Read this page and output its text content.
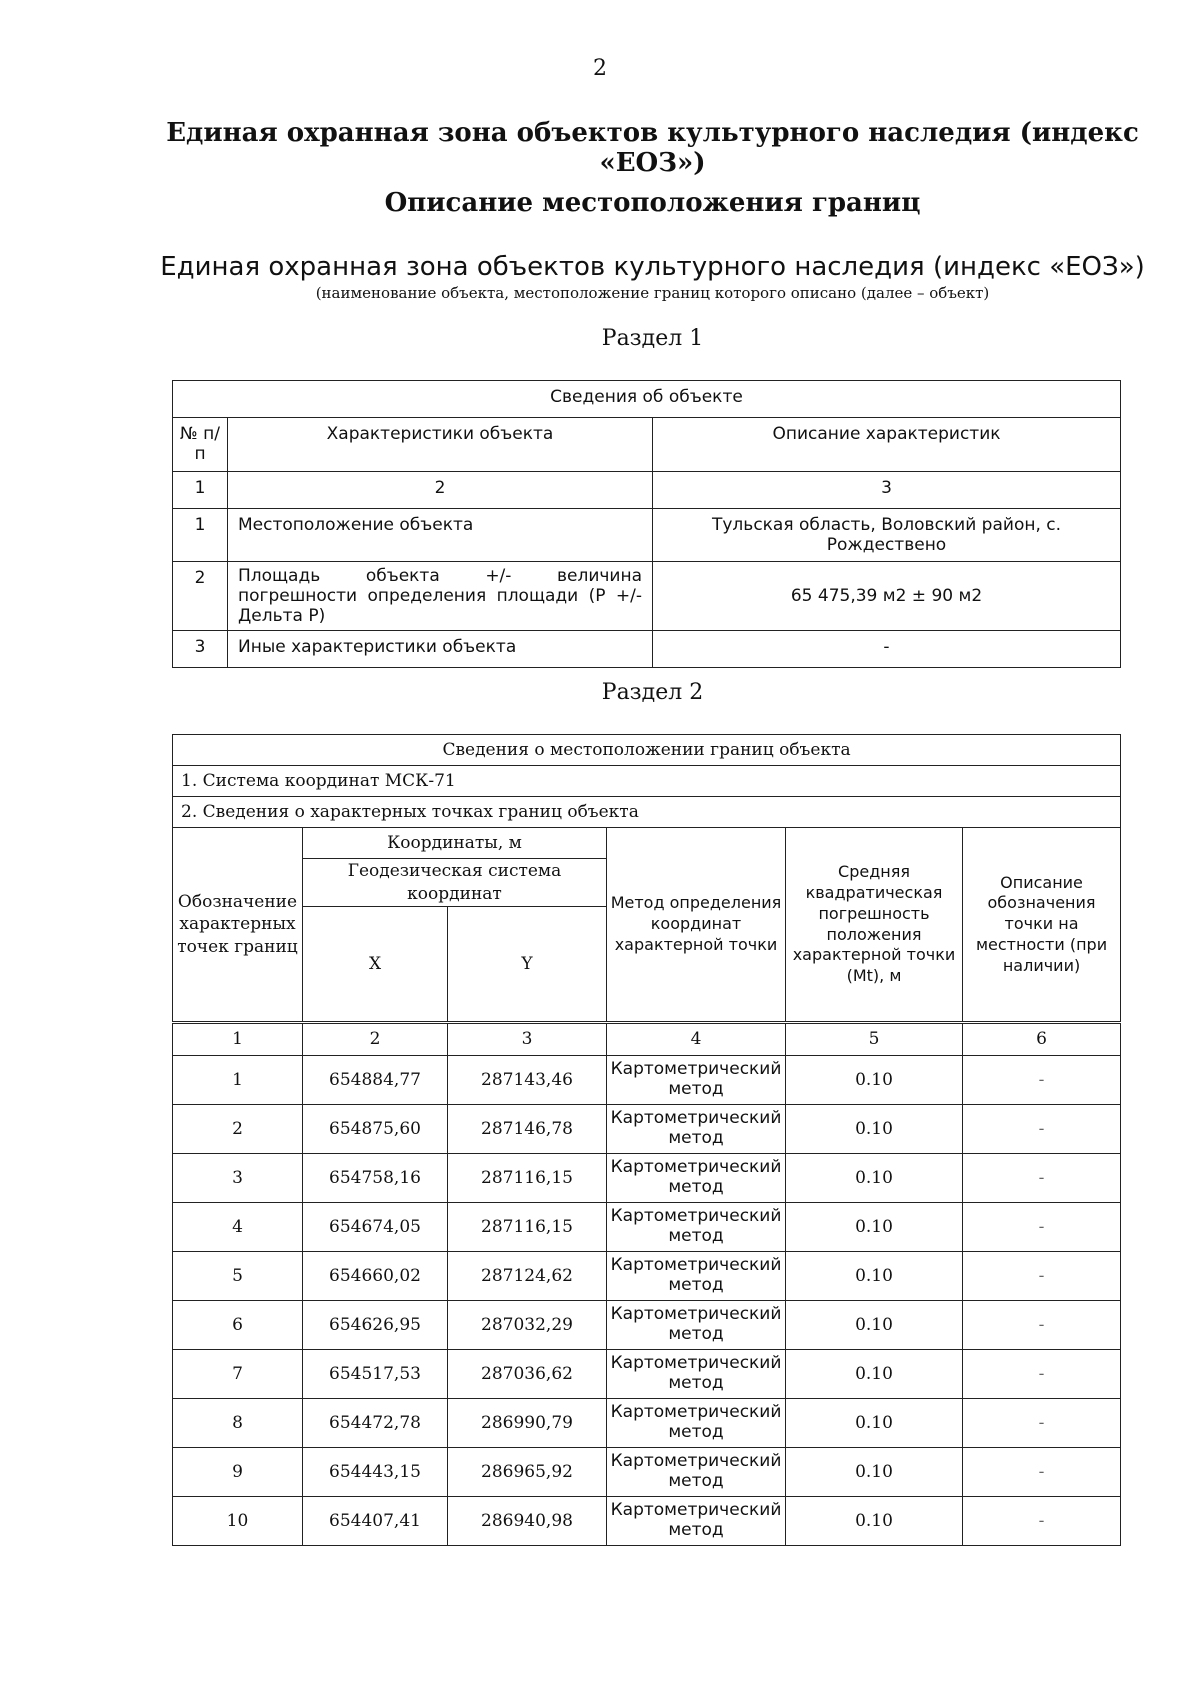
2
Единая охранная зона объектов культурного наследия (индекс «ЕОЗ»)
Описание местоположения границ
Единая охранная зона объектов культурного наследия (индекс «ЕОЗ»)
(наименование объекта, местоположение границ которого описано (далее – объект)
Раздел 1
Сведения об объекте		
№ п/п	Характеристики объекта	Описание характеристик
1	2	3
1	Местоположение объекта	Тульская область, Воловский район, с. Рождествено
2	Площадь объекта +/- величина погрешности определения площади (Р +/- Дельта Р)	65 475,39 м2 ± 90 м2
3	Иные характеристики объекта	-
Раздел 2
Сведения о местоположении границ объекта					
1. Система координат МСК-71					
2. Сведения о характерных точках границ объекта					
Обозначение характерных точек границ	Координаты, м		Метод определения координат характерной точки	Средняя квадратическая погрешность положения характерной точки (Mt), м	Описание обозначения точки на местности (при наличии)
	Геодезическая система координат				
	X	Y			
1	2	3	4	5	6
1	654884,77	287143,46	Картометрический метод	0.10	-
2	654875,60	287146,78	Картометрический метод	0.10	-
3	654758,16	287116,15	Картометрический метод	0.10	-
4	654674,05	287116,15	Картометрический метод	0.10	-
5	654660,02	287124,62	Картометрический метод	0.10	-
6	654626,95	287032,29	Картометрический метод	0.10	-
7	654517,53	287036,62	Картометрический метод	0.10	-
8	654472,78	286990,79	Картометрический метод	0.10	-
9	654443,15	286965,92	Картометрический метод	0.10	-
10	654407,41	286940,98	Картометрический метод	0.10	-
